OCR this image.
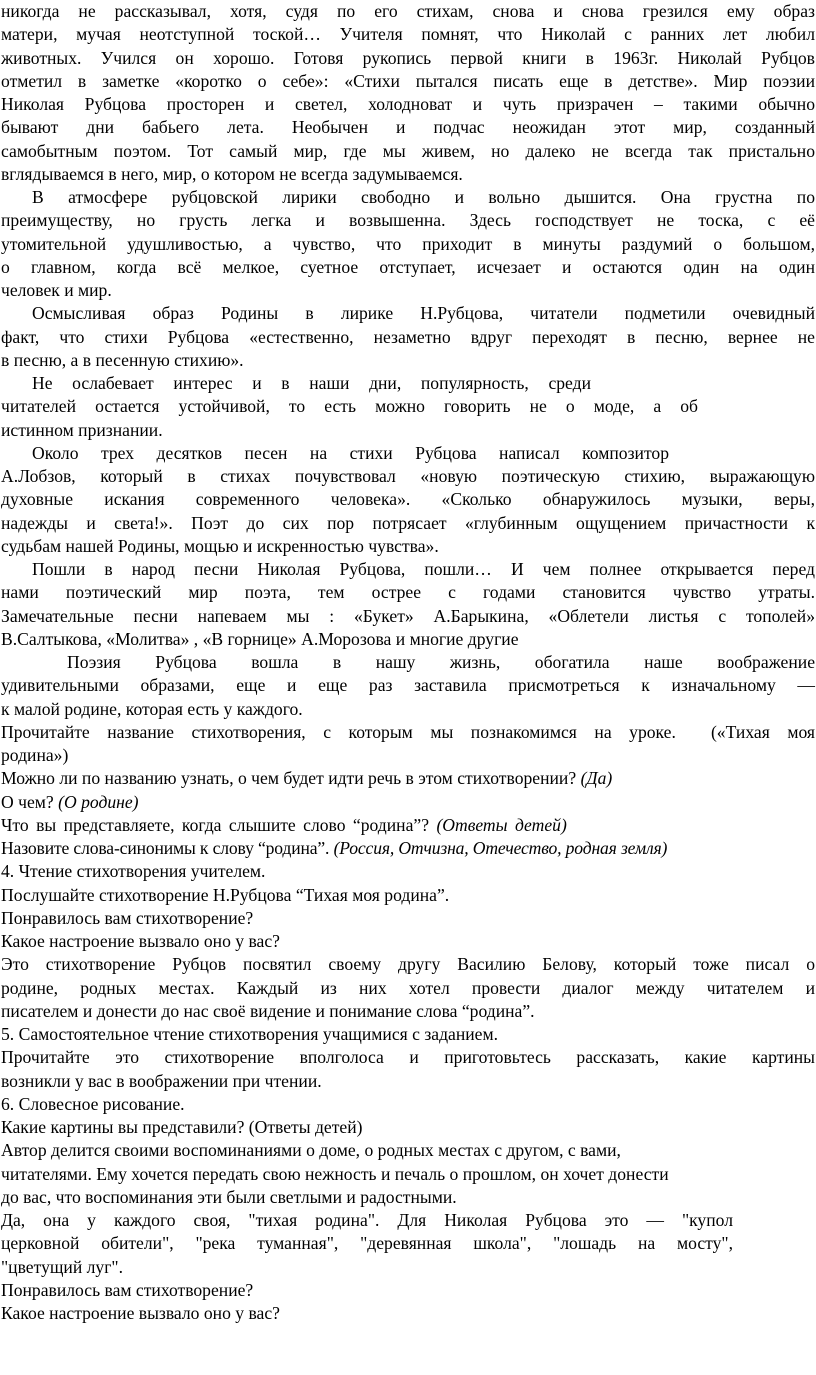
никогда не рассказывал, хотя, судя по его стихам, снова и снова грезился ему образ
матери, мучая неотступной тоской… Учителя помнят, что Николай с ранних лет любил
животных. Учился он хорошо. Готовя рукопись первой книги в 1963г. Николай Рубцов
отметил в заметке «коротко о себе»: «Стихи пытался писать еще в детстве». Мир поэзии
Николая Рубцова просторен и светел, холодноват и чуть призрачен – такими обычно
бывают дни бабьего лета. Необычен и подчас неожидан этот мир, созданный
самобытным поэтом. Тот самый мир, где мы живем, но далеко не всегда так пристально
вглядываемся в него, мир, о котором не всегда задумываемся.
В атмосфере рубцовской лирики свободно и вольно дышится. Она грустна по
преимуществу, но грусть легка и возвышенна. Здесь господствует не тоска, с её
утомительной удушливостью, а чувство, что приходит в минуты раздумий о большом,
о главном, когда всё мелкое, суетное отступает, исчезает и остаются один на один
человек и мир.
Осмысливая образ Родины в лирике Н.Рубцова, читатели подметили очевидный
факт, что стихи Рубцова «естественно, незаметно вдруг переходят в песню, вернее не
в песню, а в песенную стихию».
Не ослабевает интерес и в наши дни, популярность, среди
читателей остается устойчивой, то есть можно говорить не о моде, а об
истинном признании.
Около трех десятков песен на стихи Рубцова написал композитор
А.Лобзов, который в стихах почувствовал «новую поэтическую стихию, выражающую
духовные искания современного человека». «Сколько обнаружилось музыки, веры,
надежды и света!». Поэт до сих пор потрясает «глубинным ощущением причастности к
судьбам нашей Родины, мощью и искренностью чувства».
Пошли в народ песни Николая Рубцова, пошли… И чем полнее открывается перед
нами поэтический мир поэта, тем острее с годами становится чувство утраты.
Замечательные песни напеваем мы : «Букет» А.Барыкина, «Облетели листья с тополей»
В.Салтыкова, «Молитва» , «В горнице» А.Морозова и многие другие
Поэзия Рубцова вошла в нашу жизнь, обогатила наше воображение
удивительными образами, еще и еще раз заставила присмотреться к изначальному —
к малой родине, которая есть у каждого.
Прочитайте название стихотворения, с которым мы познакомимся на уроке. («Тихая моя
родина»)
Можно ли по названию узнать, о чем будет идти речь в этом стихотворении? (Да)
О чем? (О родине)
Что вы представляете, когда слышите слово “родина”? (Ответы детей)
Назовите слова-синонимы к слову “родина”. (Россия, Отчизна, Отечество, родная земля)
4. Чтение стихотворения учителем.
Послушайте стихотворение Н.Рубцова “Тихая моя родина”.
Понравилось вам стихотворение?
Какое настроение вызвало оно у вас?
Это стихотворение Рубцов посвятил своему другу Василию Белову, который тоже писал о
родине, родных местах. Каждый из них хотел провести диалог между читателем и
писателем и донести до нас своё видение и понимание слова “родина”.
5. Самостоятельное чтение стихотворения учащимися с заданием.
Прочитайте это стихотворение вполголоса и приготовьтесь рассказать, какие картины
возникли у вас в воображении при чтении.
6. Словесное рисование.
Какие картины вы представили? (Ответы детей)
Автор делится своими воспоминаниями о доме, о родных местах с другом, с вами,
читателями. Ему хочется передать свою нежность и печаль о прошлом, он хочет донести
до вас, что воспоминания эти были светлыми и радостными.
Да, она у каждого своя, "тихая родина". Для Николая Рубцова это — "купол
церковной обители", "река туманная", "деревянная школа", "лошадь на мосту",
"цветущий луг".
Понравилось вам стихотворение?
Какое настроение вызвало оно у вас?
